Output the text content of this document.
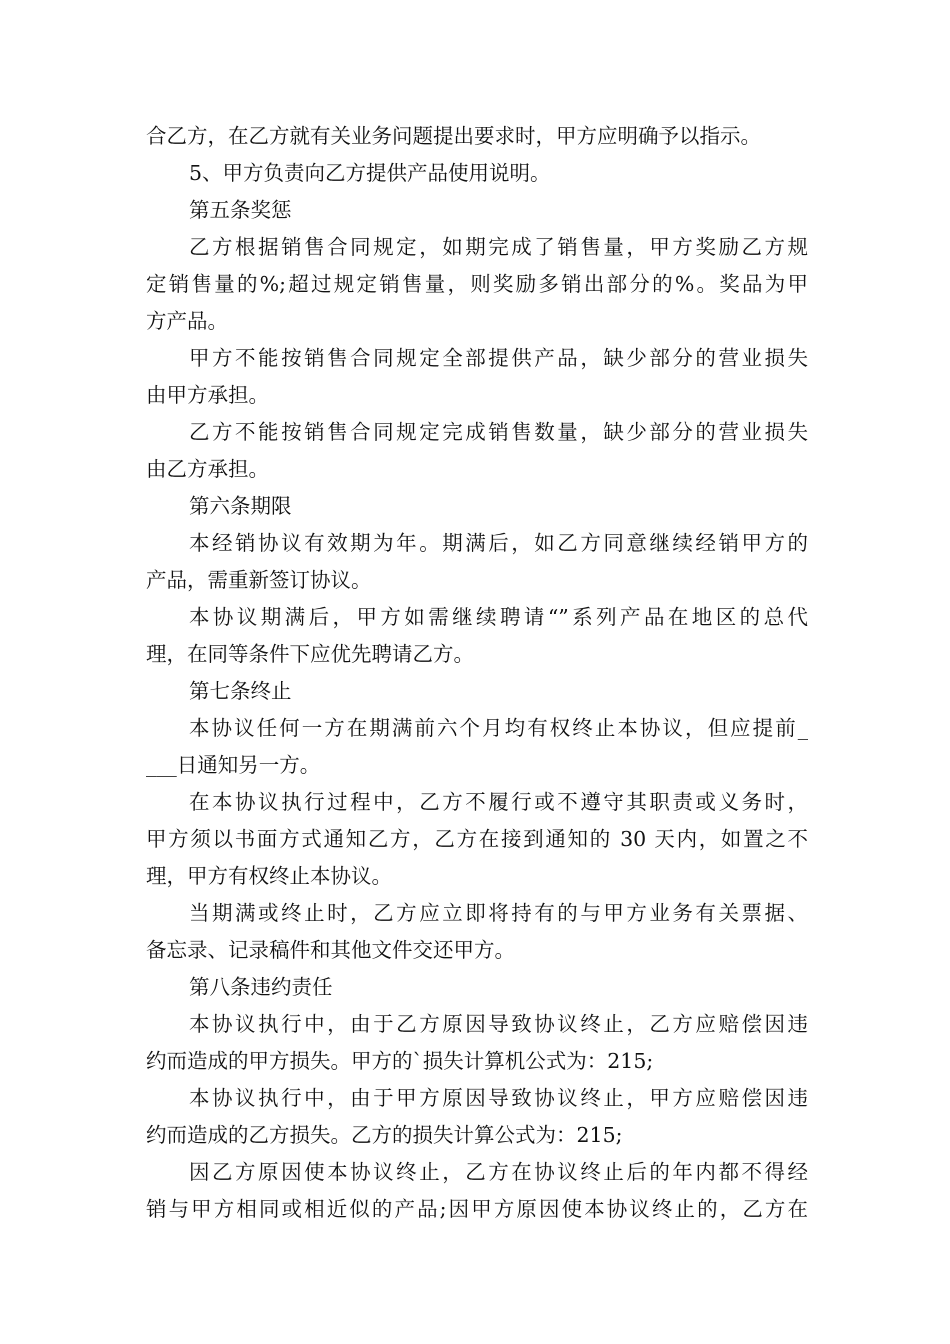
合乙方，在乙方就有关业务问题提出要求时，甲方应明确予以指示。
5、甲方负责向乙方提供产品使用说明。
第五条奖惩
乙方根据销售合同规定，如期完成了销售量，甲方奖励乙方规
定销售量的%;超过规定销售量，则奖励多销出部分的%。奖品为甲
方产品。
甲方不能按销售合同规定全部提供产品，缺少部分的营业损失
由甲方承担。
乙方不能按销售合同规定完成销售数量，缺少部分的营业损失
由乙方承担。
第六条期限
本经销协议有效期为年。期满后，如乙方同意继续经销甲方的
产品，需重新签订协议。
本协议期满后，甲方如需继续聘请“”系列产品在地区的总代
理，在同等条件下应优先聘请乙方。
第七条终止
本协议任何一方在期满前六个月均有权终止本协议，但应提前_
___日通知另一方。
在本协议执行过程中，乙方不履行或不遵守其职责或义务时，
甲方须以书面方式通知乙方，乙方在接到通知的 30 天内，如置之不
理，甲方有权终止本协议。
当期满或终止时，乙方应立即将持有的与甲方业务有关票据、
备忘录、记录稿件和其他文件交还甲方。
第八条违约责任
本协议执行中，由于乙方原因导致协议终止，乙方应赔偿因违
约而造成的甲方损失。甲方的`损失计算机公式为：215;
本协议执行中，由于甲方原因导致协议终止，甲方应赔偿因违
约而造成的乙方损失。乙方的损失计算公式为：215;
因乙方原因使本协议终止，乙方在协议终止后的年内都不得经
销与甲方相同或相近似的产品;因甲方原因使本协议终止的，乙方在
